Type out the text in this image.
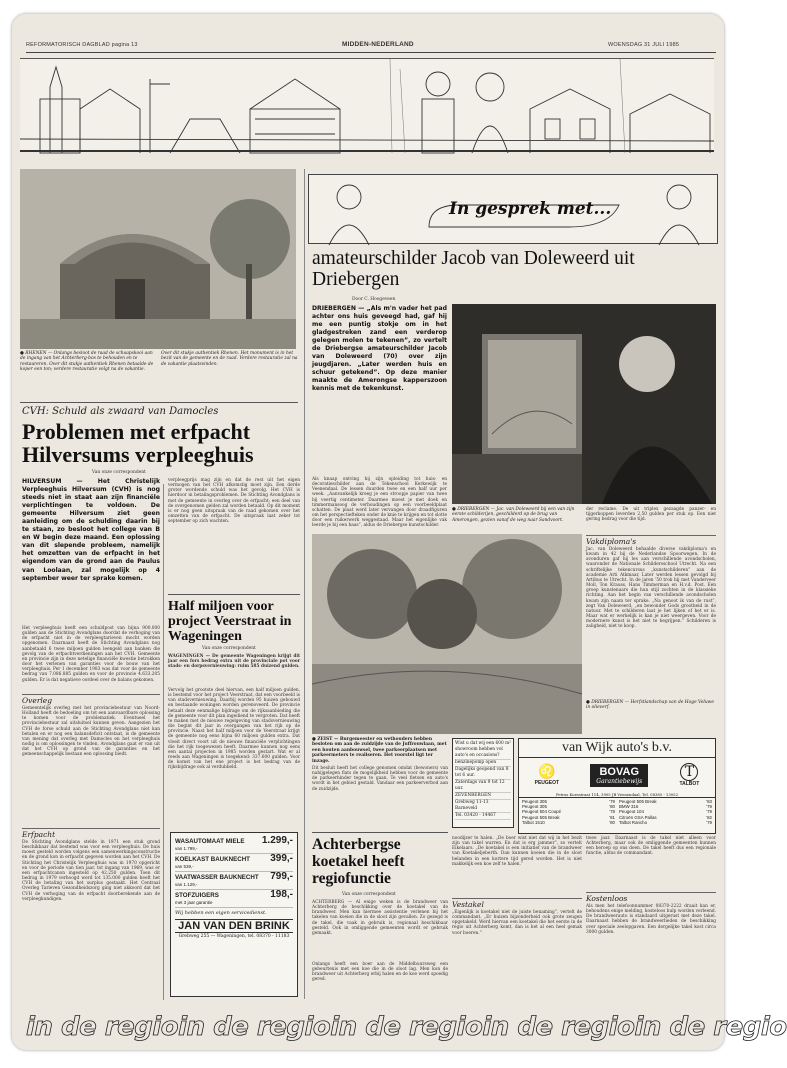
REFORMATORISCH DAGBLAD pagina 13	MIDDEN-NEDERLAND	WOENSDAG 31 JULI 1985
● RHENEN — Onlangs besloot de raad de schaapskooi aan de ingang van het Achterberg-bos te behouden en te restaureren. Over dit stukje authentiek Rhenen betaalde de koper een ton; verdere restauratie volgt na de vakantie.
Over dit stukje authentiek Rhenen. Het monument is in het bezit van de gemeente en de raad. Verdere restauratie zal na de vakantie plaatsvinden.
CVH: Schuld als zwaard van Damocles
Problemen met erfpacht Hilversums verpleeghuis
Van onze correspondent
HILVERSUM — Het Christelijk Verpleeghuis Hilversum (CVH) is nog steeds niet in staat aan zijn financiële verplichtingen te voldoen. De gemeente Hilversum ziet geen aanleiding om de schulding daarin bij te staan, zo besloot het college van B en W begin deze maand. Een oplossing van dit slepende probleem, namelijk het omzetten van de erfpacht in het eigendom van de grond aan de Paulus van Loolaan, zal mogelijk op 4 september weer ter sprake komen.
Het verpleeghuis heeft een schuldpost van bijna 900.000 gulden aan de Stichting Avondglans doordat de verhoging van de erfpacht niet in de verpleegtarieven mocht worden opgenomen. Daarnaast heeft de Stichting Avondglans nog aanbetaald 6 twee miljoen gulden leengeld aan banken die gevolg van de erfpachtverdieningen aan het CVH. Gemeente en provincie zijn in deze netelige financiële kwestie betrokken door het verlenen van garanties voor de bouw van het verpleeghuis. Per 1 december 1983 was dat voor de gemeente bedrag van 7.086.885 gulden en voor de provincie 4.633.205 gulden. Er is dat negatieve oordeel over de balans gekomen.
Overleg
Gemeentelijk overleg met het provinciebestuur van Noord-Holland heeft de bedoeling om tot een aanvaardbare oplossing te komen voor de problematiek. Eventueel het provinciebestuur zal uitsluitsel kunnen geven. Aangezien het CVH de forse schuld aan de Stichting Avondglans niet kan betalen en er nog een balansdeficit ontstaat, is de gemeente van mening dat overleg met Damocles en het verpleeghuis nodig is om oplossingen te vinden. Avondglans gaat er van uit dat het CVH op grond van de garanties en het gemeenschappelijk bestaan een oplossing biedt.
Erfpacht
De Stichting Avondglans stelde in 1971 een stuk grond beschikbaar dat bestemd was voor een verpleeghuis. De huis moest gesteld worden volgens een samenwerkingsconstructie en de grond kon in erfpacht gegeven worden aan het CVH. De Stichting het Christelijk Verpleeghuis was in 1970 opgericht en voor de periode van tien jaar, tot ingang van 1969, was er een erfpachtcanon ingesteld op 42.250 gulden. Toen dit bedrag in 1979 verhoogd werd tot 135.000 gulden heeft het CVH de betaling van het surplus gestaakt. Het Centraal Overleg Tarieven Gezondheidszorg ging niet akkoord dat het CVH de verhoging van de erfpacht doorberekende aan de verpleegkundigen.
verpleegprijs mag zijn en dat de rest uit het eigen vermogen van het CVH afkomstig moet zijn. Een derde groter wordende schuld was het gevolg. Het CVH is hierdoor in betalingsproblemen. De Stichting Avondglans is met de gemeente in overleg over de erfpacht; een deel van de overgenomen gelden zal worden betaald. Op dit moment is er nog geen uitspraak van de raad gekomen over het omzetten van de erfpacht. De uitspraak laat zeker tot september op zich wachten.
Half miljoen voor project Veerstraat in Wageningen
Van onze correspondent
WAGENINGEN — De gemeente Wageningen krijgt dit jaar een fors bedrag extra uit de provinciale pot voor stads- en dorpsvernieuwing: ruim 585 duizend gulden.
Vervolg het grootste deel hiervan, een half miljoen gulden, is bestemd voor het project Veerstraat, dat een voorbeeld is van stadsvernieuwing. Daarbij worden 95 huizen gebouwd en bestaande woningen worden gerenoveerd. De provincie betaalt deze eenmalige bijdrage om de rijksaanbieding die de gemeente voor dit plan ingediend te vergroten. Dat heeft te maken met de nieuwe regelgeving van stadsvernieuwing die begint dit jaar in overgangen van het rijk op de provincie. Naast het half miljoen voor de Veerstraat krijgt de gemeente nog eens bijna 60 miljoen gulden extra. Dat vloeit direct voort uit de nieuwe financiële verplichtingen die het rijk toegewezen heeft. Daarmee kunnen nog eens een aantal projecten in 1985 worden gestart. Wat er al reeds aan Wageningen is toegekend: 337.600 gulden. Voor de komst van het ene project is het bedrag van de rijksbijdrage ook al verdubbeld.
WASAUTOMAAT MIELE
van 1.799,-
1.299,-
KOELKAST BAUKNECHT
van 539,-
399,-
VAATWASSER BAUKNECHT
van 1.129,-
799,-
STOFZUIGERS
met 3 jaar garantie
198,-
Wij hebben een eigen servicedienst.
JAN VAN DEN BRINK
Grebweg 255 — Wageningen, tel. 08370 - 11183
In gesprek met...
amateurschilder Jacob van Doleweerd uit Driebergen
Door C. Hoogeveen
DRIEBERGEN — „Als m'n vader het pad achter ons huis geveegd had, gaf hij me een puntig stokje om in het gladgestreken zand een verderop gelegen molen te tekenen”, zo vertelt de Driebergse amateurschilder Jacob van Doleweerd (70) over zijn jeugdjaren. „Later werden huis en schuur getekend”. Op deze manier maakte de Amerongse kapperszoon kennis met de tekenkunst.
Als knaap ontving hij zijn opleiding tot huis- en decoratieschilder aan de Tekenschool Kerkewijk te Veenendaal. De lessen duurden twee en een half uur per week. „Aanvankelijk kreeg je een stroopje papier van twee bij veertig centimeter. Daarmee moest je met doek en timmermansoog de verhoudingen op een voorbeeldplaat schatten. De plaat werd later vervangen door draadfiguren om het perspectiefteken onder de knie te krijgen en tot slotte door een ruikerwerk weggestaad. Maar het eigenlijke vak leerde je bij een baas”, aldus de Driebergse kunstschilder.
● DRIEBERGEN — Jac. van Doleweerd bij een van zijn eerste schilderijen, geschilderd op de brug van Amerongen, gezien vanaf de weg naar Sandvoort.
der reclame. De uit triplex gezaagde panzer- en tijgerkoppen leverden 2,50 gulden per stuk op. Een niet gering bedrag voor die tijd.
Vakdiploma's
Jac. van Doleweerd behaalde diverse vakdiploma's en kwam in 42 bij de Nederlandse Spoorwegen. In de avonduren gaf hij les aan verschillende avondscholen, waaronder de Nationale Schildersschool Utrecht. Na een schriftelijke tekencursus „kunstschilderen” aan de academie Arti Atkmaar, Later werden lessen gevolgd bij Artibus te Utrecht. In de jaren '50 trok hij met Vanderveer Moll, Ton Krauss, Hans Timmerman en H.v.d. Post. Een groep kunstenaars die hun stijl zochten in de klassieke richting. Aan het begin van verschillende avondscholen kwam zijn naam ter sprake. „Na genoot ik van de rust”, zegt Van Doleweerd, „en bewonder Gods grootheid in de natuur. Met te schilderen laat je het lijken of het er is. Maar wat er werkelijk is kan je niet weergeven. Voor de modernere kunst is het niet te begrijpen.” Schilderen is zaligheid, niet te koop.
● DRIEBERGEN — Herfstlandschap van de Hoge Veluwe in olieverf.
● ZEIST — Burgemeester en wethouders hebben besloten om aan de zuidzijde van de Juffrouwlaan, met een houten aanbouwsel, twee parkeerplaatsen met parkeermeters te realiseren. Het voorstel ligt ter inzage.
Dit besluit heeft het college genomen omdat (bewoners) van nabijgelegen flats de mogelijkheid hebben voor de gemeente de parkeerhinder tegen te gaan. Te veel fietsen en auto's wordt in het gebied gestald. Vandaar een parkeerverbod aan de zuidzijde.
Wist u dat wij een 600 m² showroom hebben vol auto's en occasions?
benzinepomp open
Dagelijks geopend van 8 tot 6 uur.
Zaterdags van 9 tot 12 uur.
ZEVENBERGEN
Grebweg 11-13 Barneveld
Tel. 03420 - 14467
van Wijk auto's b.v.
♌
PEUGEOT
BOVAG
Garantiebewijs
T
TALBOT
Petrus Kornstraat 114, 3905 JB Veenendaal, Tel. 08385 - 13052
Peugeot 305	'79
Peugeot 305	'80
Peugeot 504 Coupé	'78
Peugeot 505 Break	'81
Talbot 1510	'80
Peugeot 505 Break	'83
BMW 316	'79
Peugeot 104	'79
Citroën GSA Pallas	'82
Talbot Rancho	'79
Achterbergse koetakel heeft regiofunctie
Van onze correspondent
ACHTERBERG — Al enige weken is de brandweer van Achterberg de beschikking over de koetakel van de brandweer. Men kan hiermee assistentie verlenen bij het takelen van koeien die in de sloot zijn gevallen. Zo gezegd is de takel, die vaak in gebruik is, regionaal beschikbaar gesteld. Ook in omliggende gemeenten wordt er gebruik gemaakt.
Onlangs heeft een boer aan de Middelbuursweg een gebeurtenis met een koe die in de sloot lag. Men kon de brandweer uit Achterberg erbij halen en de koe werd spoedig gered.
noodijzer te halen. „De boer wist niet dat wij in het bezit zijn van takel warren. En dat is erg jammer”, zo vertelt Eikelaars. „De koetakel is een initiatief van de brandweer van Koetakeljeberth. Dan kunnen koeien die in de sloot belanden in een kortere tijd gered worden. Het is niet makkelijk een koe zelf te halen.”
Vestakel
„Eigenlijk is koetakel niet de juiste benaming”, vertelt de commandant. „Er huizen bijzonderheid ook grote zeugen opgetakeld. Werd hiervan een koetakel die het eerste in de regio uit Achterberg komt, dan is het al een heel gemak voor boeren.”
twee jaar. Daarnaast is de takel niet alleen voor Achterberg, maar ook de omliggende gemeenten kunnen een beroep op ons doen. De takel heeft dus een regionale functie, aldus de commandant.
Kostenloos
Als men het telefoonnummer 08370-2222 draait kan er, behoudens enige melding, kosteloos hulp worden verleend. De brandweerauto is standaard uitgerust met deze takel. Daarnaast hebben de brandweerlieden de beschikking over speciale zeelopgaven. Een dergelijke takel kost circa 3000 gulden.
in de regio in de regio in de regio in de regio in de regio
